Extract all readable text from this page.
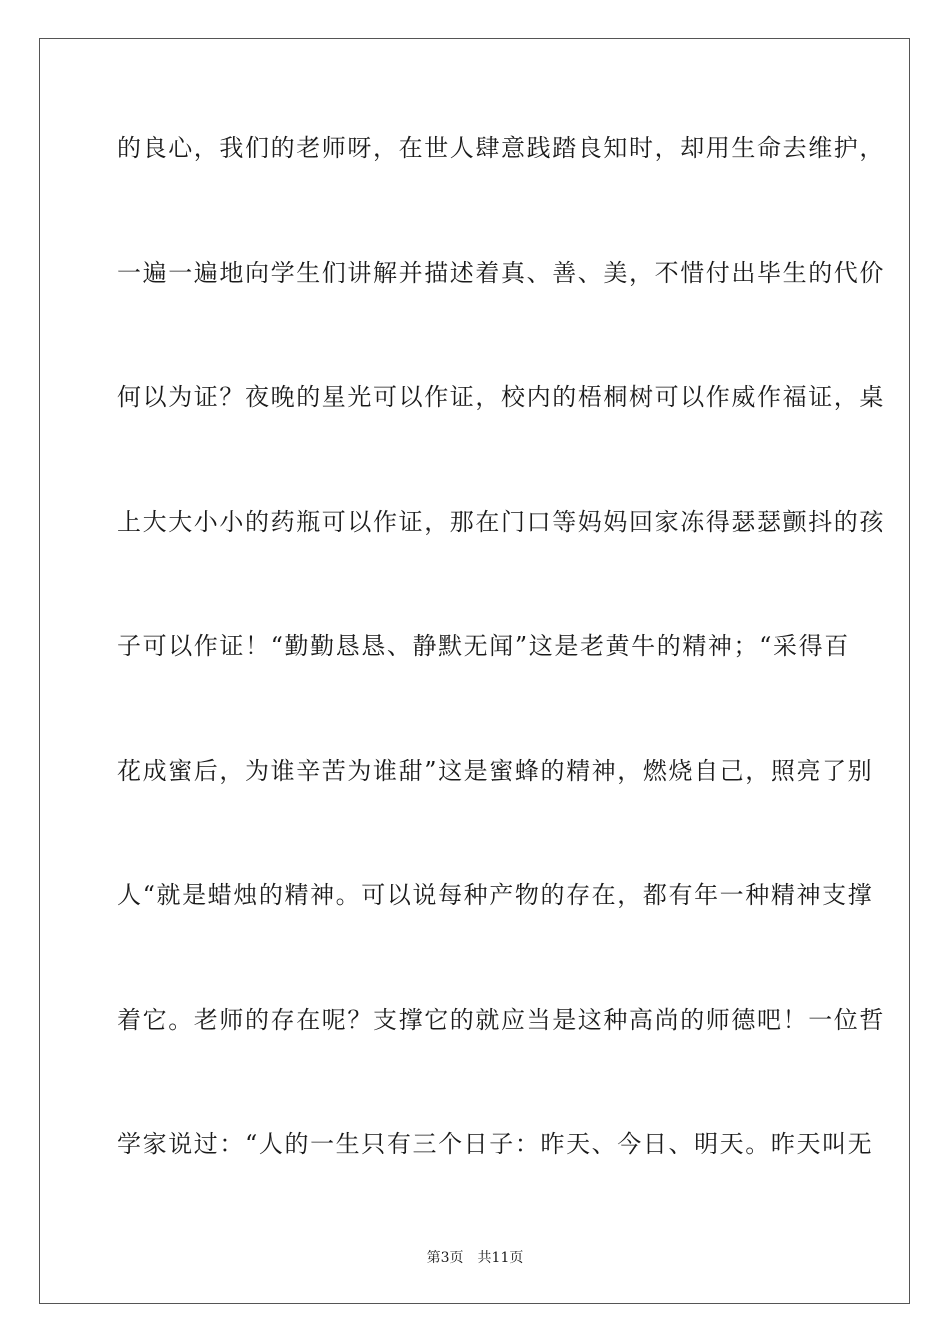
的良心，我们的老师呀，在世人肆意践踏良知时，却用生命去维护，
一遍一遍地向学生们讲解并描述着真、善、美，不惜付出毕生的代价
何以为证？夜晚的星光可以作证，校内的梧桐树可以作威作福证，桌
上大大小小的药瓶可以作证，那在门口等妈妈回家冻得瑟瑟颤抖的孩
子可以作证！“勤勤恳恳、静默无闻”这是老黄牛的精神；“采得百
花成蜜后，为谁辛苦为谁甜”这是蜜蜂的精神，燃烧自己，照亮了别
人“就是蜡烛的精神。可以说每种产物的存在，都有年一种精神支撑
着它。老师的存在呢？支撑它的就应当是这种高尚的师德吧！一位哲
学家说过：“人的一生只有三个日子：昨天、今日、明天。昨天叫无
第3页 共11页
